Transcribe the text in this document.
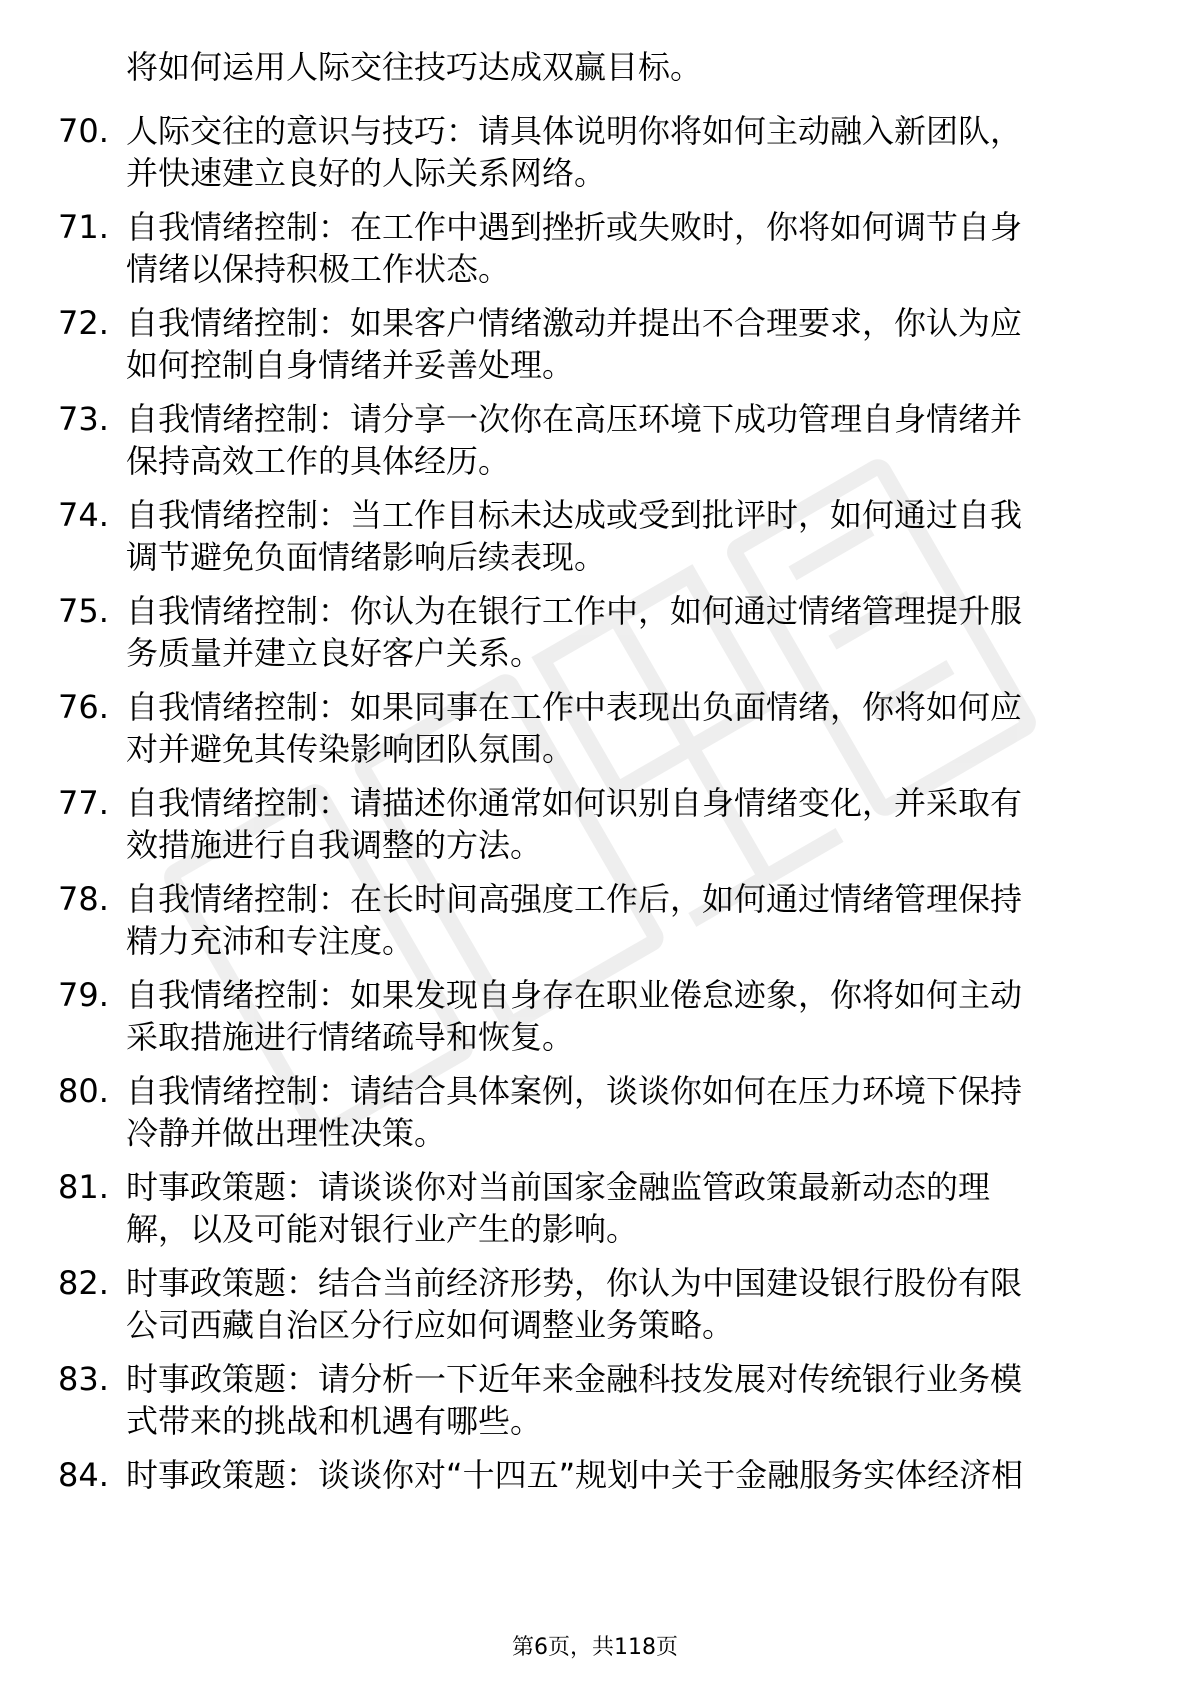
将如何运用人际交往技巧达成双赢目标。
70. 人际交往的意识与技巧：请具体说明你将如何主动融入新团队，
并快速建立良好的人际关系网络。
71. 自我情绪控制：在工作中遇到挫折或失败时，你将如何调节自身
情绪以保持积极工作状态。
72. 自我情绪控制：如果客户情绪激动并提出不合理要求，你认为应
如何控制自身情绪并妥善处理。
73. 自我情绪控制：请分享一次你在高压环境下成功管理自身情绪并
保持高效工作的具体经历。
74. 自我情绪控制：当工作目标未达成或受到批评时，如何通过自我
调节避免负面情绪影响后续表现。
75. 自我情绪控制：你认为在银行工作中，如何通过情绪管理提升服
务质量并建立良好客户关系。
76. 自我情绪控制：如果同事在工作中表现出负面情绪，你将如何应
对并避免其传染影响团队氛围。
77. 自我情绪控制：请描述你通常如何识别自身情绪变化，并采取有
效措施进行自我调整的方法。
78. 自我情绪控制：在长时间高强度工作后，如何通过情绪管理保持
精力充沛和专注度。
79. 自我情绪控制：如果发现自身存在职业倦怠迹象，你将如何主动
采取措施进行情绪疏导和恢复。
80. 自我情绪控制：请结合具体案例，谈谈你如何在压力环境下保持
冷静并做出理性决策。
81. 时事政策题：请谈谈你对当前国家金融监管政策最新动态的理
解，以及可能对银行业产生的影响。
82. 时事政策题：结合当前经济形势，你认为中国建设银行股份有限
公司西藏自治区分行应如何调整业务策略。
83. 时事政策题：请分析一下近年来金融科技发展对传统银行业务模
式带来的挑战和机遇有哪些。
84. 时事政策题：谈谈你对“十四五”规划中关于金融服务实体经济相
第6页，共118页
